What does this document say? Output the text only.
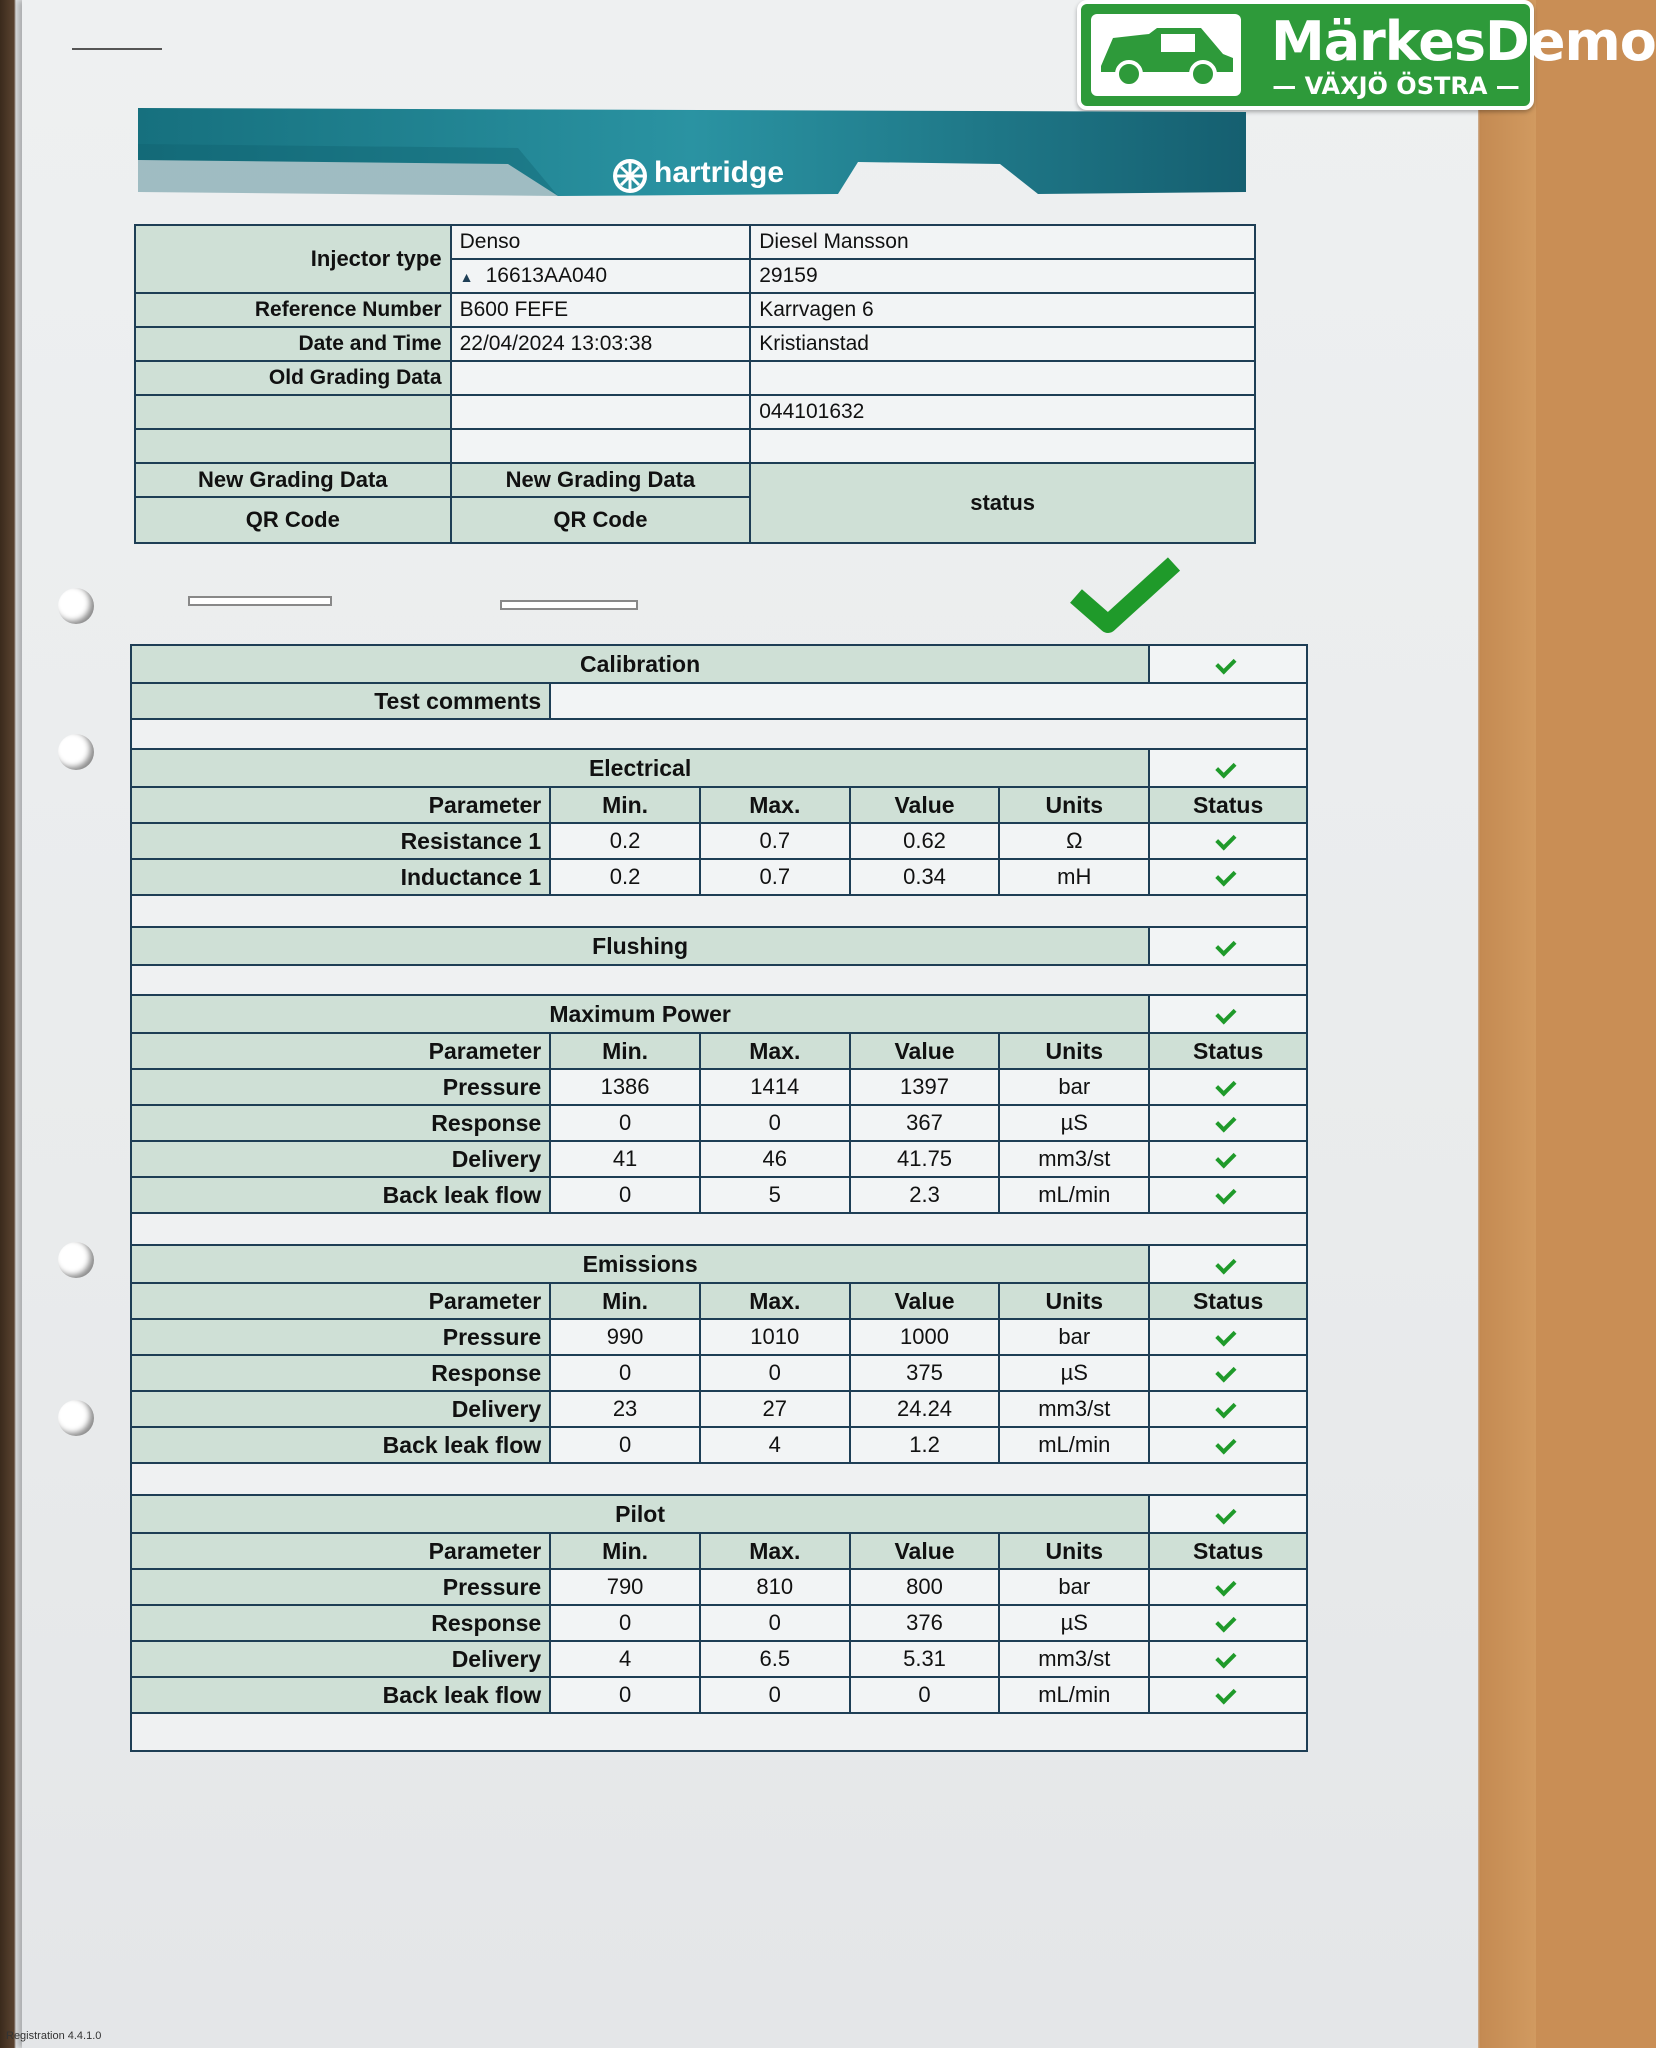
MärkesDemo
— VÄXJÖ ÖSTRA —
hartridge
Injector type	Denso	Diesel Mansson
	▲ 16613AA040	29159
Reference Number	B600 FEFE	Karrvagen 6
Date and Time	22/04/2024 13:03:38	Kristianstad
Old Grading Data		
		044101632

New Grading Data	New Grading Data	status
QR Code	QR Code	
Calibration					
Test comments					

Electrical					
Parameter	Min.	Max.	Value	Units	Status
Resistance 1	0.2	0.7	0.62	Ω	
Inductance 1	0.2	0.7	0.34	mH	

Flushing					

Maximum Power					
Parameter	Min.	Max.	Value	Units	Status
Pressure	1386	1414	1397	bar	
Response	0	0	367	µS	
Delivery	41	46	41.75	mm3/st	
Back leak flow	0	5	2.3	mL/min	

Emissions					
Parameter	Min.	Max.	Value	Units	Status
Pressure	990	1010	1000	bar	
Response	0	0	375	µS	
Delivery	23	27	24.24	mm3/st	
Back leak flow	0	4	1.2	mL/min	

Pilot					
Parameter	Min.	Max.	Value	Units	Status
Pressure	790	810	800	bar	
Response	0	0	376	µS	
Delivery	4	6.5	5.31	mm3/st	
Back leak flow	0	0	0	mL/min	

Registration 4.4.1.0
